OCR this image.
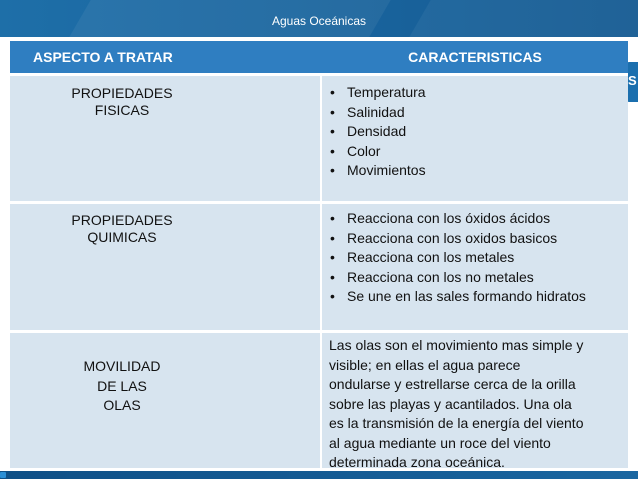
Aguas Oceánicas
S
ASPECTO A TRATAR	CARACTERISTICAS
PROPIEDADES
FISICAS
• Temperatura
• Salinidad
• Densidad
• Color
• Movimientos
PROPIEDADES
QUIMICAS
• Reacciona con los óxidos ácidos
• Reacciona con los oxidos basicos
• Reacciona con los metales
• Reacciona con los no metales
• Se une en las sales formando hidratos
MOVILIDAD
DE LAS
OLAS
Las olas son el movimiento mas simple y
visible; en ellas el agua parece
ondularse y estrellarse cerca de la orilla
sobre las playas y acantilados. Una ola
es la transmisión de la energía del viento
al agua mediante un roce del viento
determinada zona oceánica.
